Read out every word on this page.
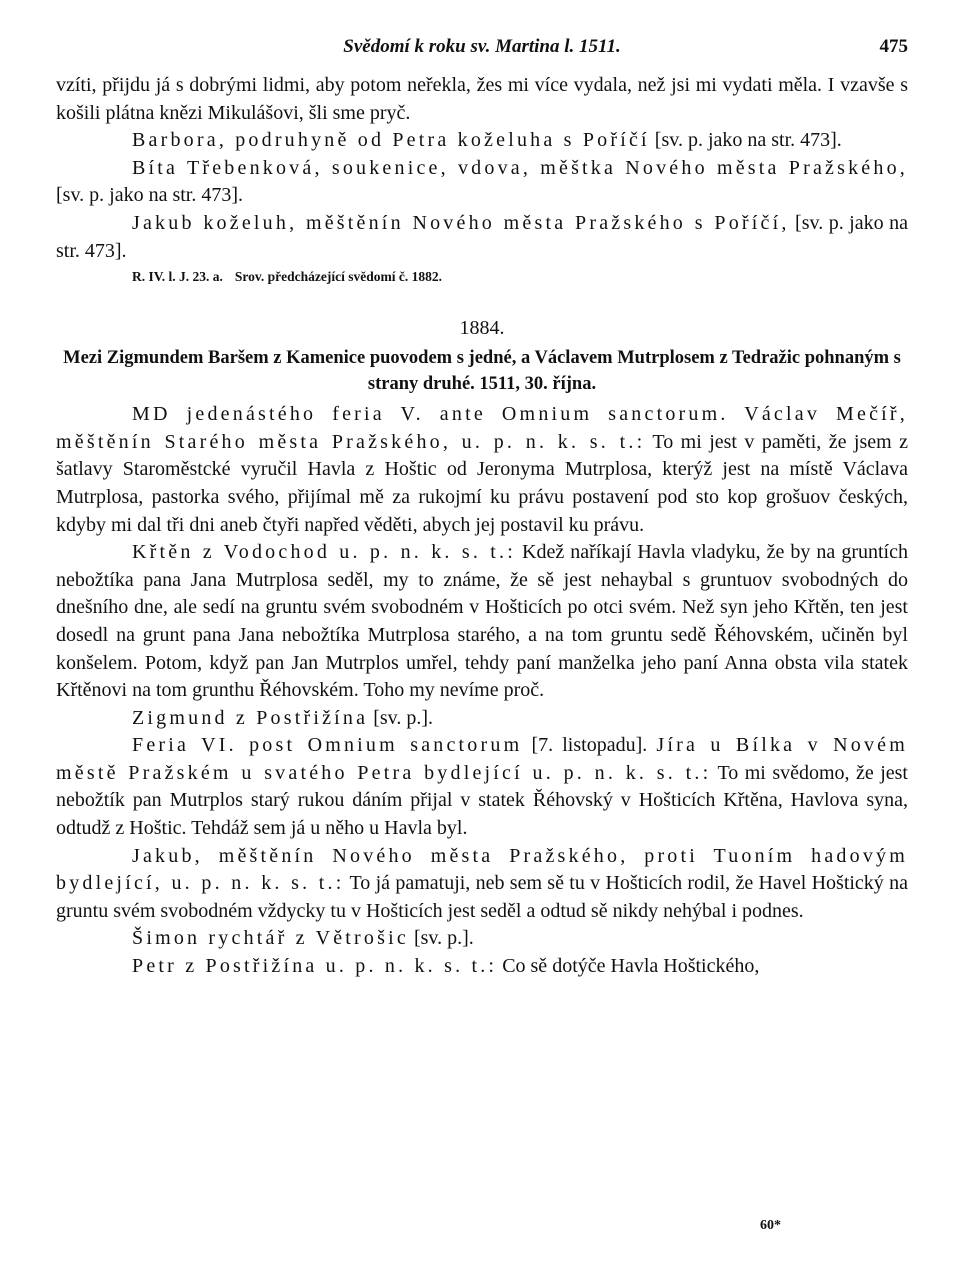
Svědomí k roku sv. Martina l. 1511.	475

vzíti, přijdu já s dobrými lidmi, aby potom neřekla, žes mi více vydala, než jsi mi vydati měla. I vzavše s košili plátna knězi Mikulášovi, šli sme pryč.

Barbora, podruhyně od Petra koželuha s Poříčí [sv. p. jako na str. 473].

Bíta Třebenková, soukenice, vdova, měštka Nového města Pražského, [sv. p. jako na str. 473].

Jakub koželuh, měštěnín Nového města Pražského s Poříčí, [sv. p. jako na str. 473].

R. IV. l. J. 23. a. Srov. předcházející svědomí č. 1882.

1884.

Mezi Zigmundem Baršem z Kamenice puovodem s jedné, a Václavem Mutrplosem z Tedražic pohnaným s strany druhé. 1511, 30. října.

MD jedenástého feria V. ante Omnium sanctorum. Václav Mečíř, měštěnín Starého města Pražského, u. p. n. k. s. t.: To mi jest v paměti, že jsem z šatlavy Staroměstcké vyručil Havla z Hoštic od Jeronyma Mutrplosa, kterýž jest na místě Václava Mutrplosa, pastorka svého, přijímal mě za rukojmí ku právu postavení pod sto kop grošuov českých, kdyby mi dal tři dni aneb čtyři napřed věděti, abych jej postavil ku právu.

Křtěn z Vodochod u. p. n. k. s. t.: Kdež naříkají Havla vladyku, že by na gruntích nebožtíka pana Jana Mutrplosa seděl, my to známe, že sě jest nehaybal s gruntuov svobodných do dnešního dne, ale sedí na gruntu svém svobodném v Hošticích po otci svém. Než syn jeho Křtěn, ten jest dosedl na grunt pana Jana nebožtíka Mutrplosa starého, a na tom gruntu sedě Řéhovském, učiněn byl konšelem. Potom, když pan Jan Mutrplos umřel, tehdy paní manželka jeho paní Anna obsta vila statek Křtěnovi na tom grunthu Řéhovském. Toho my nevíme proč.

Zigmund z Postřižína [sv. p.].

Feria VI. post Omnium sanctorum [7. listopadu]. Jíra u Bílka v Novém městě Pražském u svatého Petra bydlející u. p. n. k. s. t.: To mi svědomo, že jest nebožtík pan Mutrplos starý rukou dáním přijal v statek Řéhovský v Hošticích Křtěna, Havlova syna, odtudž z Hoštic. Tehdáž sem já u něho u Havla byl.

Jakub, měštěnín Nového města Pražského, proti Tuoním hadovým bydlející, u. p. n. k. s. t.: To já pamatuji, neb sem sě tu v Hošticích rodil, že Havel Hoštický na gruntu svém svobodném vždycky tu v Hošticích jest seděl a odtud sě nikdy nehýbal i podnes.

Šimon rychtář z Větrošic [sv. p.].

Petr z Postřižína u. p. n. k. s. t.: Co sě dotýče Havla Hoštického,

60*
